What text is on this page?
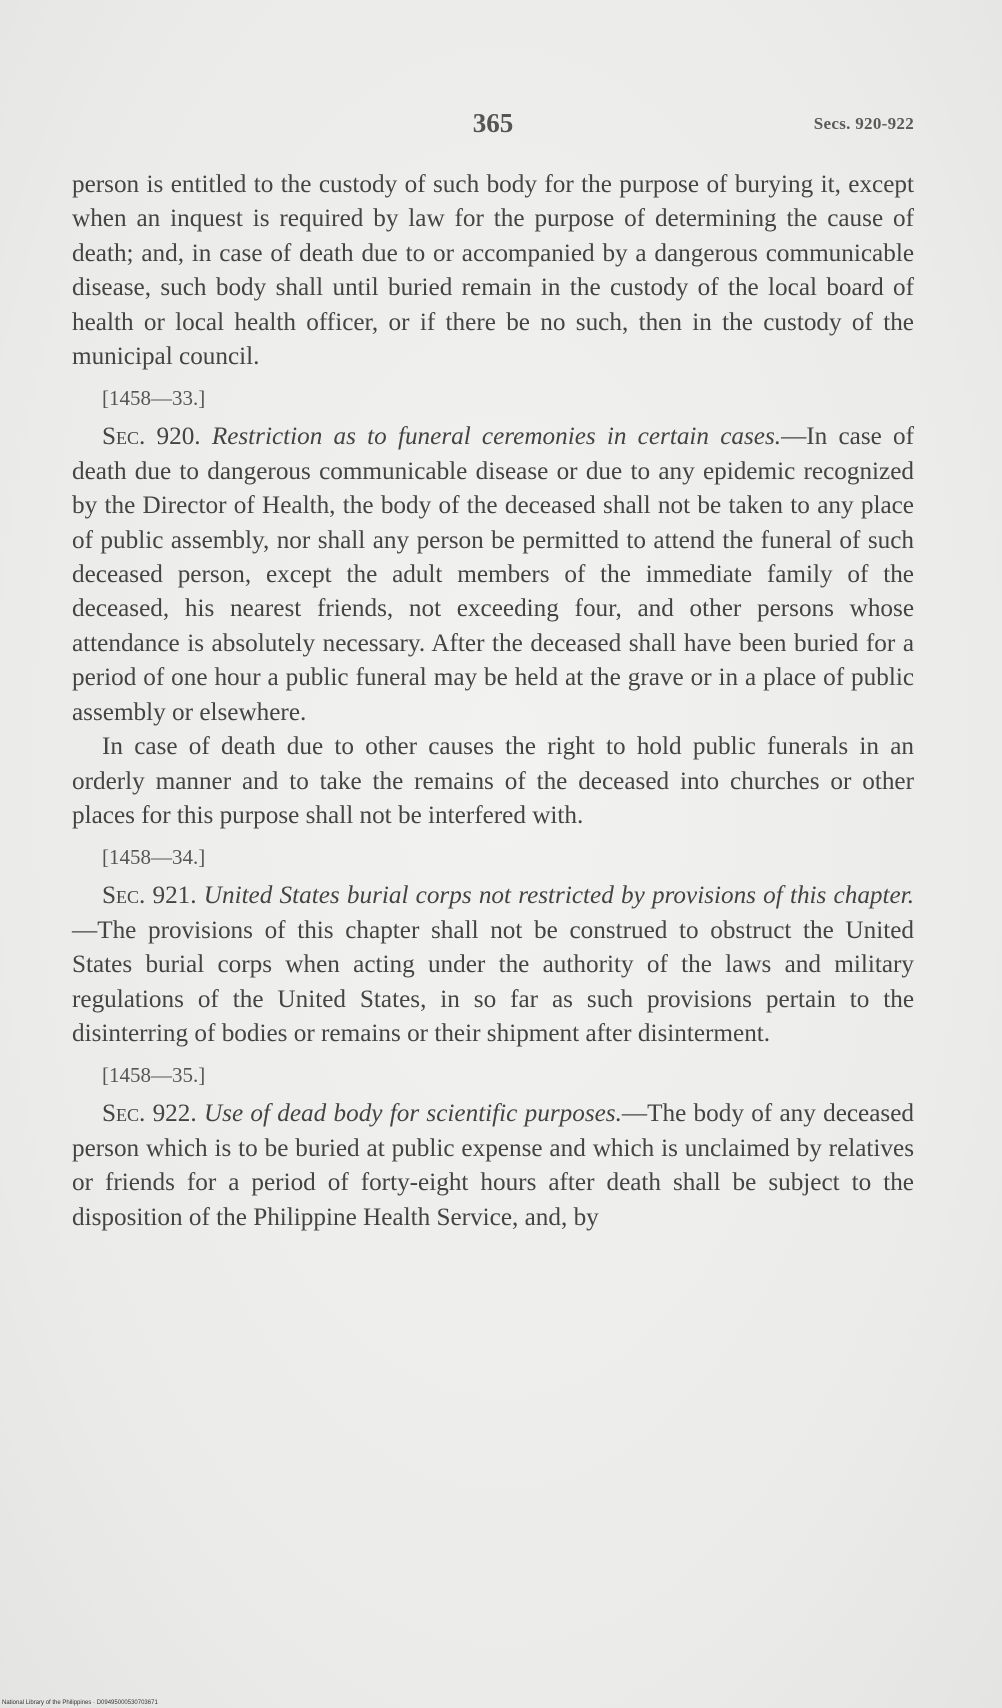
365	Secs. 920-922

person is entitled to the custody of such body for the purpose of burying it, except when an inquest is required by law for the purpose of determining the cause of death; and, in case of death due to or accompanied by a dangerous communicable disease, such body shall until buried remain in the custody of the local board of health or local health officer, or if there be no such, then in the custody of the municipal council.

[1458—33.]

Sec. 920. Restriction as to funeral ceremonies in certain cases.—In case of death due to dangerous communicable disease or due to any epidemic recognized by the Director of Health, the body of the deceased shall not be taken to any place of public assembly, nor shall any person be permitted to attend the funeral of such deceased person, except the adult members of the immediate family of the deceased, his nearest friends, not exceeding four, and other persons whose attendance is absolutely necessary. After the deceased shall have been buried for a period of one hour a public funeral may be held at the grave or in a place of public assembly or elsewhere.

In case of death due to other causes the right to hold public funerals in an orderly manner and to take the remains of the deceased into churches or other places for this purpose shall not be interfered with.

[1458—34.]

Sec. 921. United States burial corps not restricted by provisions of this chapter.—The provisions of this chapter shall not be construed to obstruct the United States burial corps when acting under the authority of the laws and military regulations of the United States, in so far as such provisions pertain to the disinterring of bodies or remains or their shipment after disinterment.

[1458—35.]

Sec. 922. Use of dead body for scientific purposes.—The body of any deceased person which is to be buried at public expense and which is unclaimed by relatives or friends for a period of forty-eight hours after death shall be subject to the disposition of the Philippine Health Service, and, by

National Library of the Philippines · D09495000530703671
